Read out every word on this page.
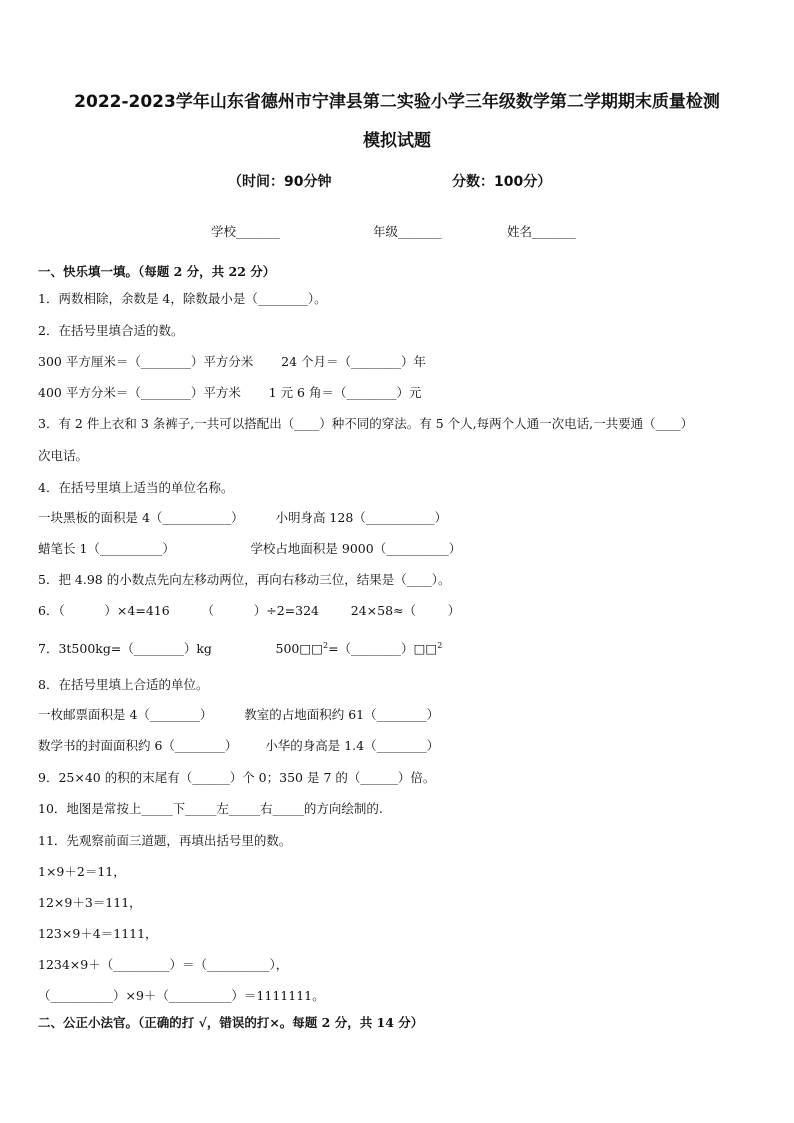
2022-2023学年山东省德州市宁津县第二实验小学三年级数学第二学期期末质量检测
模拟试题
（时间：90分钟	分数：100分）
学校_______	年级_______	姓名_______
一、快乐填一填。（每题 2 分，共 22 分）
1．两数相除，余数是 4，除数最小是（________）。
2．在括号里填合适的数。
300 平方厘米＝（________）平方分米       24 个月＝（________）年
400 平方分米＝（________）平方米       1 元 6 角＝（________）元
3．有 2 件上衣和 3 条裤子,一共可以搭配出（____）种不同的穿法。有 5 个人,每两个人通一次电话,一共要通（____）
次电话。
4．在括号里填上适当的单位名称。
一块黑板的面积是 4（___________）        小明身高 128（___________）
蜡笔长 1（__________）                   学校占地面积是 9000（__________）
5．把 4.98 的小数点先向左移动两位，再向右移动三位，结果是（____）。
6．（          ）×4=416        （          ）÷2=324        24×58≈（        ）
7．3t500kg=（________）kg                500□□$^2$=（________）□□$^2$
8．在括号里填上合适的单位。
一枚邮票面积是 4（________）        教室的占地面积约 61（________）
数学书的封面面积约 6（________）       小华的身高是 1.4（________）
9．25×40 的积的末尾有（______）个 0；350 是 7 的（______）倍。
10．地图是常按上_____下_____左_____右_____的方向绘制的.
11．先观察前面三道题，再填出括号里的数。
1×9＋2＝11，
12×9＋3＝111，
123×9＋4＝1111，
1234×9＋（_________）＝（__________），
（__________）×9＋（__________）＝1111111。
二、公正小法官。（正确的打 √，错误的打×。每题 2 分，共 14 分）
